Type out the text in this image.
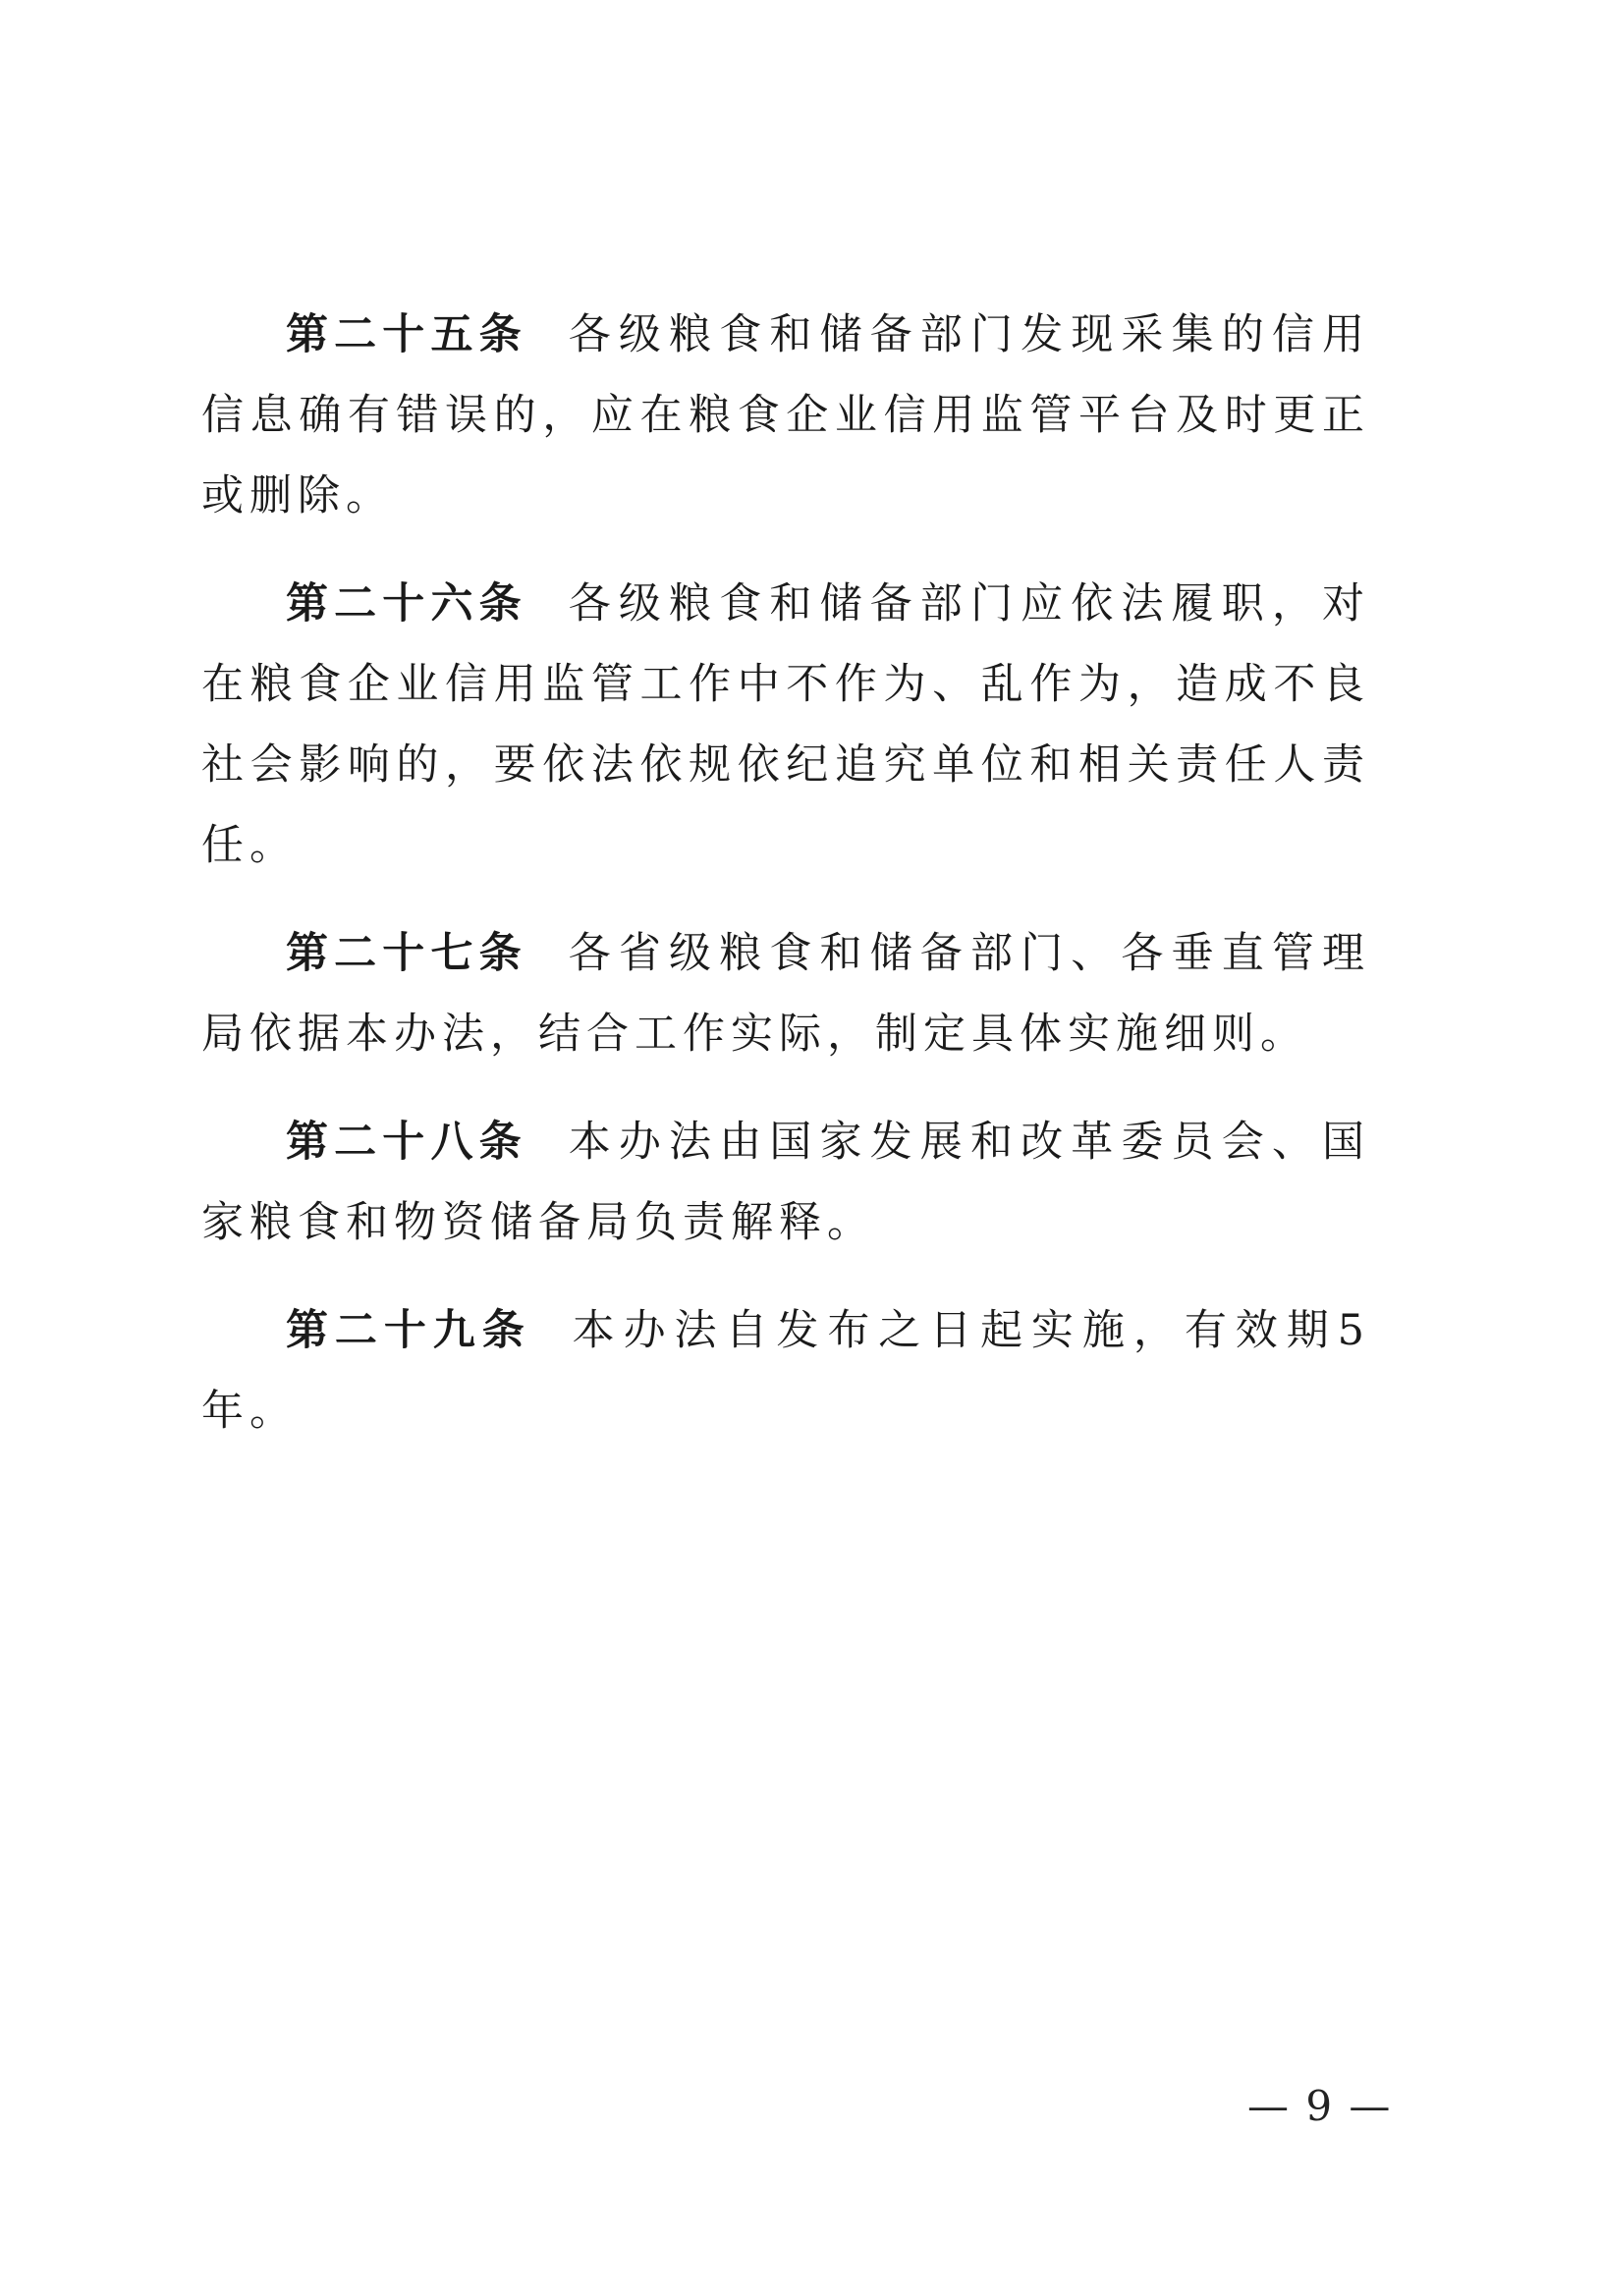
第二十五条 各级粮食和储备部门发现采集的信用信息确有错误的，应在粮食企业信用监管平台及时更正或删除。

第二十六条 各级粮食和储备部门应依法履职，对在粮食企业信用监管工作中不作为、乱作为，造成不良社会影响的，要依法依规依纪追究单位和相关责任人责任。

第二十七条 各省级粮食和储备部门、各垂直管理局依据本办法，结合工作实际，制定具体实施细则。

第二十八条 本办法由国家发展和改革委员会、国家粮食和物资储备局负责解释。

第二十九条 本办法自发布之日起实施，有效期5年。

— 9 —
